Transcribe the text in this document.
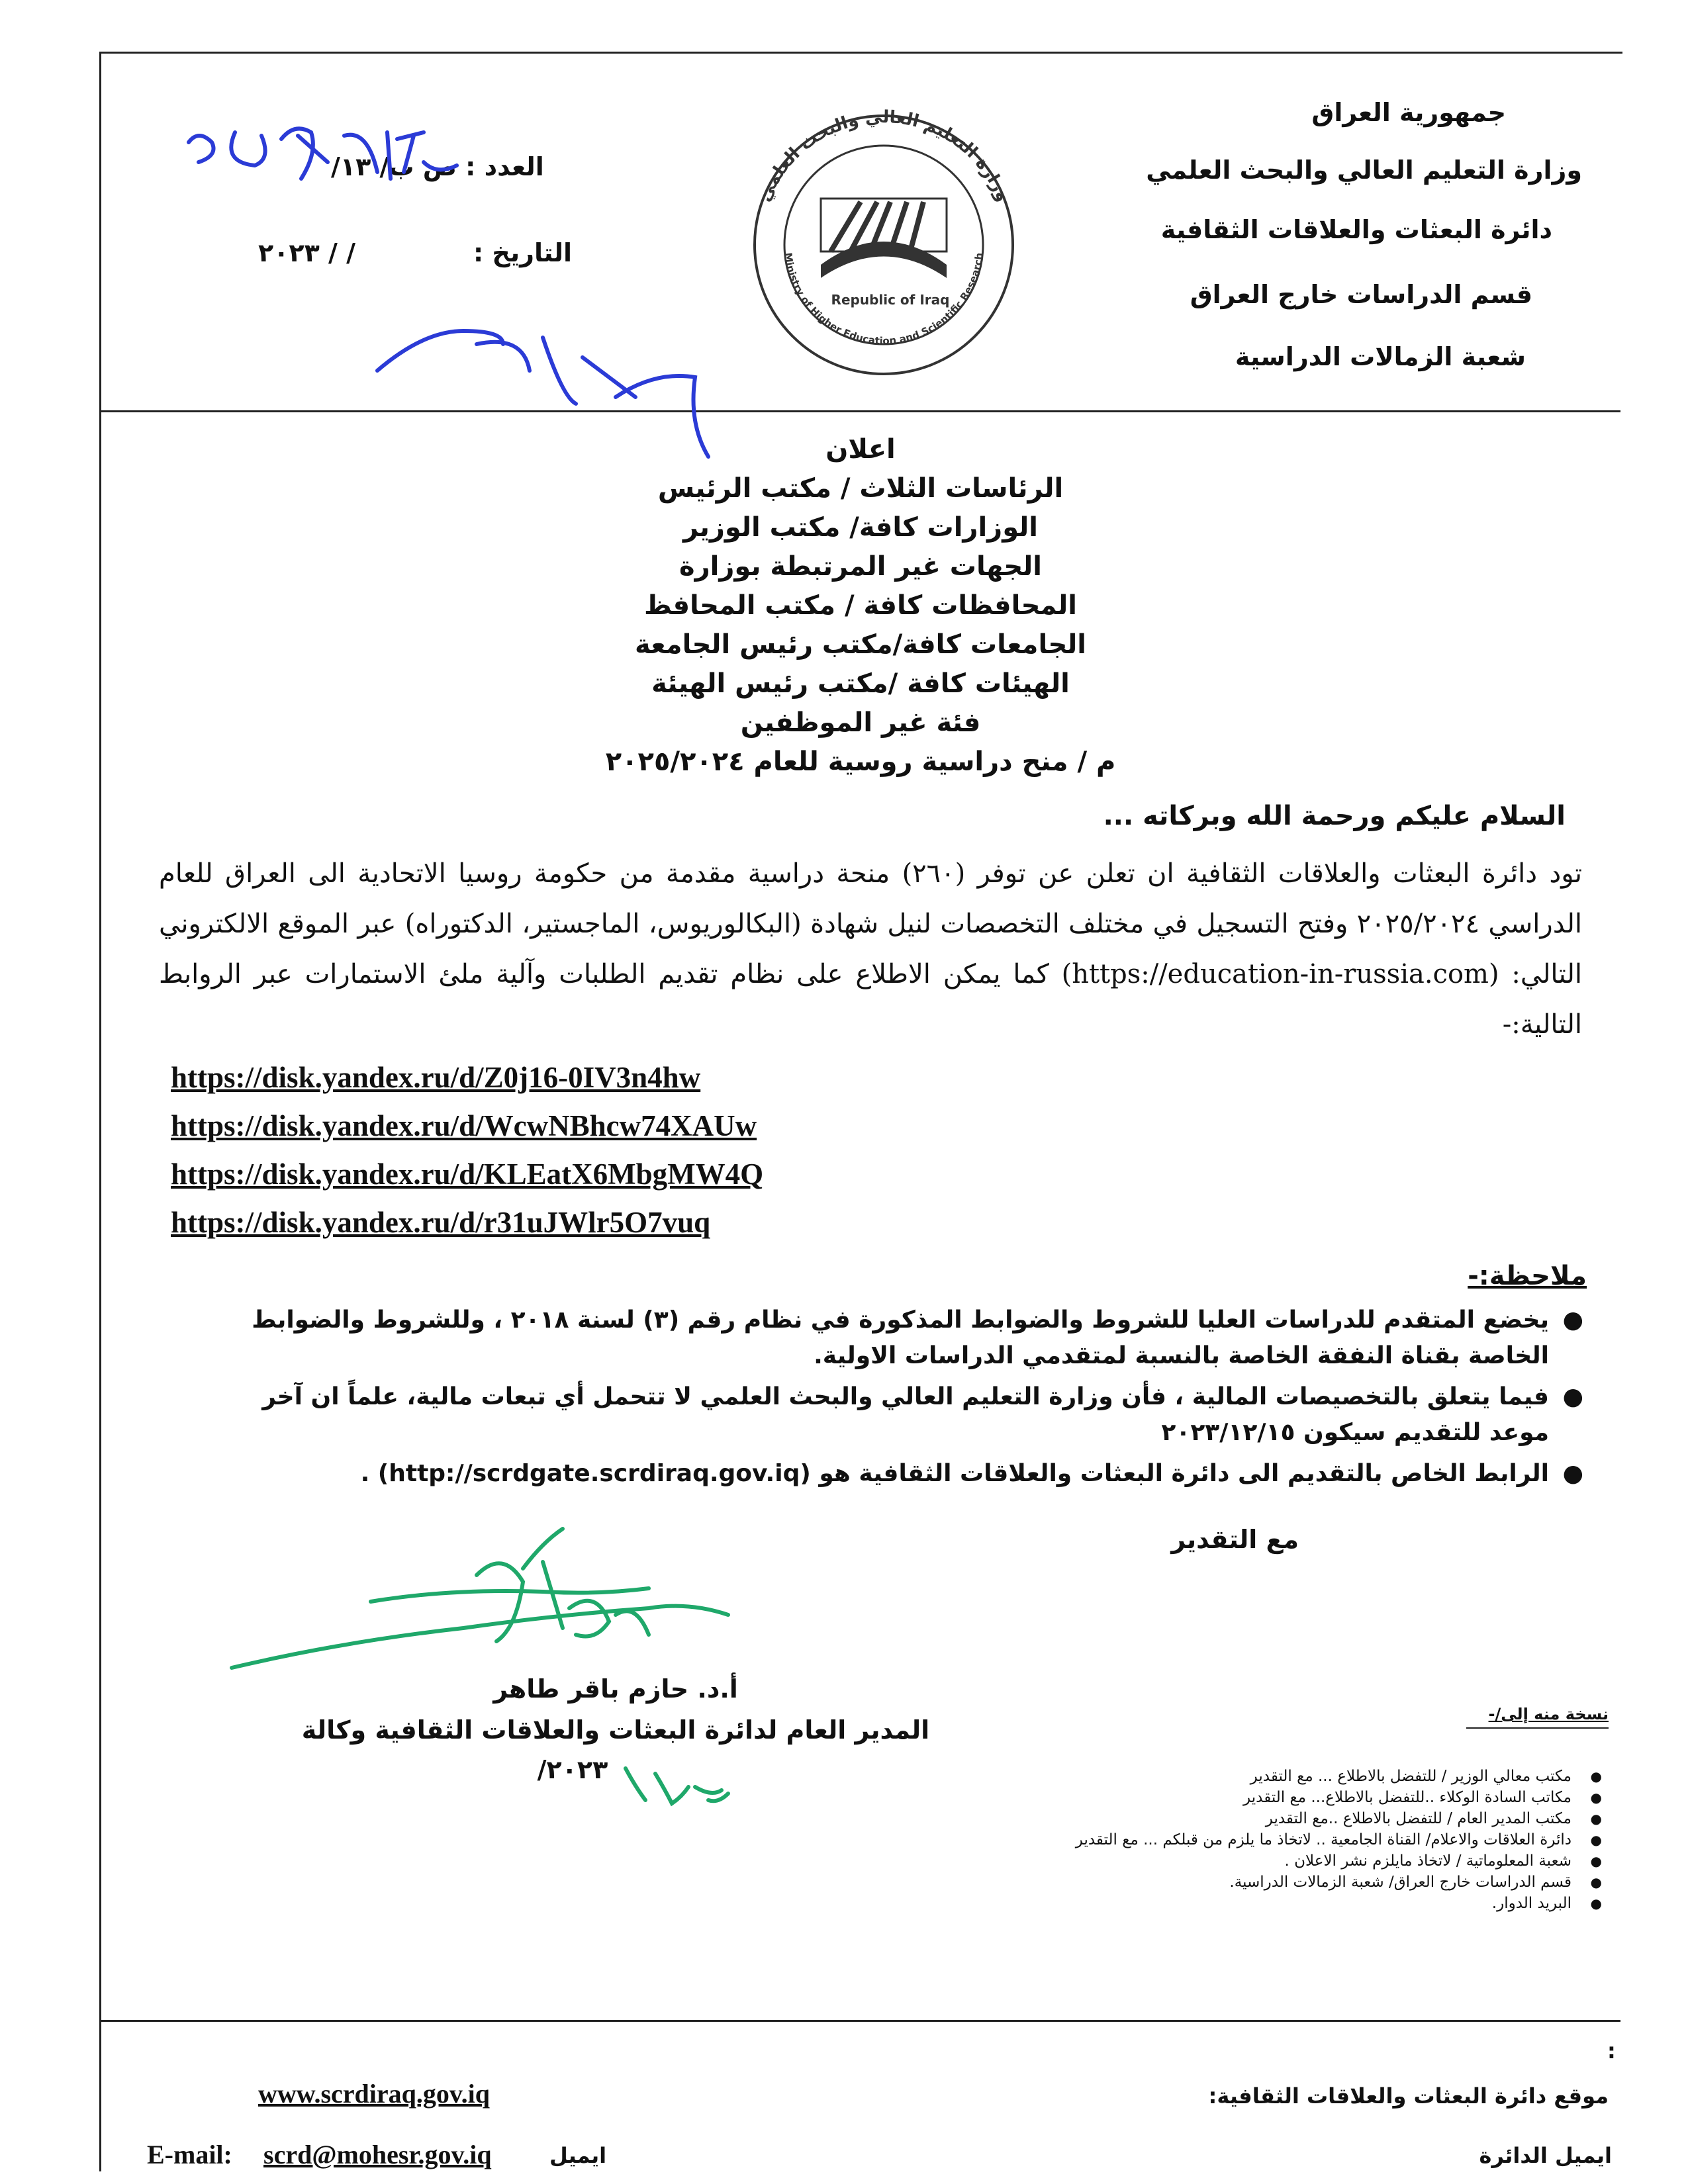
جمهورية العراق
وزارة التعليم العالي والبحث العلمي
دائرة البعثات والعلاقات الثقافية
قسم الدراسات خارج العراق
شعبة الزمالات الدراسية
العدد : ص ب/ ١٣/
التاريخ :
/ / ٢٠٢٣
وزارة التعليم العالي والبحث العلمي
Ministry of Higher Education and Scientific Research
Republic of Iraq
اعلان
الرئاسات الثلاث / مكتب الرئيس
الوزارات كافة/ مكتب الوزير
الجهات غير المرتبطة بوزارة
المحافظات كافة / مكتب المحافظ
الجامعات كافة/مكتب رئيس الجامعة
الهيئات كافة /مكتب رئيس الهيئة
فئة غير الموظفين
م / منح دراسية روسية للعام ٢٠٢٥/٢٠٢٤
السلام عليكم ورحمة الله وبركاته ...
تود دائرة البعثات والعلاقات الثقافية ان تعلن عن توفر (٢٦٠) منحة دراسية مقدمة من حكومة روسيا الاتحادية الى العراق للعام الدراسي ٢٠٢٥/٢٠٢٤ وفتح التسجيل في مختلف التخصصات لنيل شهادة (البكالوريوس، الماجستير، الدكتوراه) عبر الموقع الالكتروني التالي: (https://education-in-russia.com) كما يمكن الاطلاع على نظام تقديم الطلبات وآلية ملئ الاستمارات عبر الروابط التالية:-
https://disk.yandex.ru/d/Z0j16-0IV3n4hw
https://disk.yandex.ru/d/WcwNBhcw74XAUw
https://disk.yandex.ru/d/KLEatX6MbgMW4Q
https://disk.yandex.ru/d/r31uJWlr5O7vuq
ملاحظة:-
●
يخضع المتقدم للدراسات العليا للشروط والضوابط المذكورة في نظام رقم (٣) لسنة ٢٠١٨ ، وللشروط والضوابط الخاصة بقناة النفقة الخاصة بالنسبة لمتقدمي الدراسات الاولية.
●
فيما يتعلق بالتخصيصات المالية ، فأن وزارة التعليم العالي والبحث العلمي لا تتحمل أي تبعات مالية، علماً ان آخر موعد للتقديم سيكون ٢٠٢٣/١٢/١٥
●
الرابط الخاص بالتقديم الى دائرة البعثات والعلاقات الثقافية هو (http://scrdgate.scrdiraq.gov.iq) .
مع التقدير
أ.د. حازم باقر طاهر
المدير العام لدائرة البعثات والعلاقات الثقافية وكالة
٢٠٢٣/
نسخة منه إلى/-
●
مكتب معالي الوزير / للتفضل بالاطلاع ... مع التقدير
●
مكاتب السادة الوكلاء ..للتفضل بالاطلاع... مع التقدير
●
مكتب المدير العام / للتفضل بالاطلاع ..مع التقدير
●
دائرة العلاقات والاعلام/ القناة الجامعية .. لاتخاذ ما يلزم من قبلكم ... مع التقدير
●
شعبة المعلوماتية / لاتخاذ مايلزم نشر الاعلان .
●
قسم الدراسات خارج العراق/ شعبة الزمالات الدراسية.
●
البريد الدوار.
:
موقع دائرة البعثات والعلاقات الثقافية:
www.scrdiraq.gov.iq
ايميل الدائرة
E-mail: scrd@mohesr.gov.iq	ايميل
